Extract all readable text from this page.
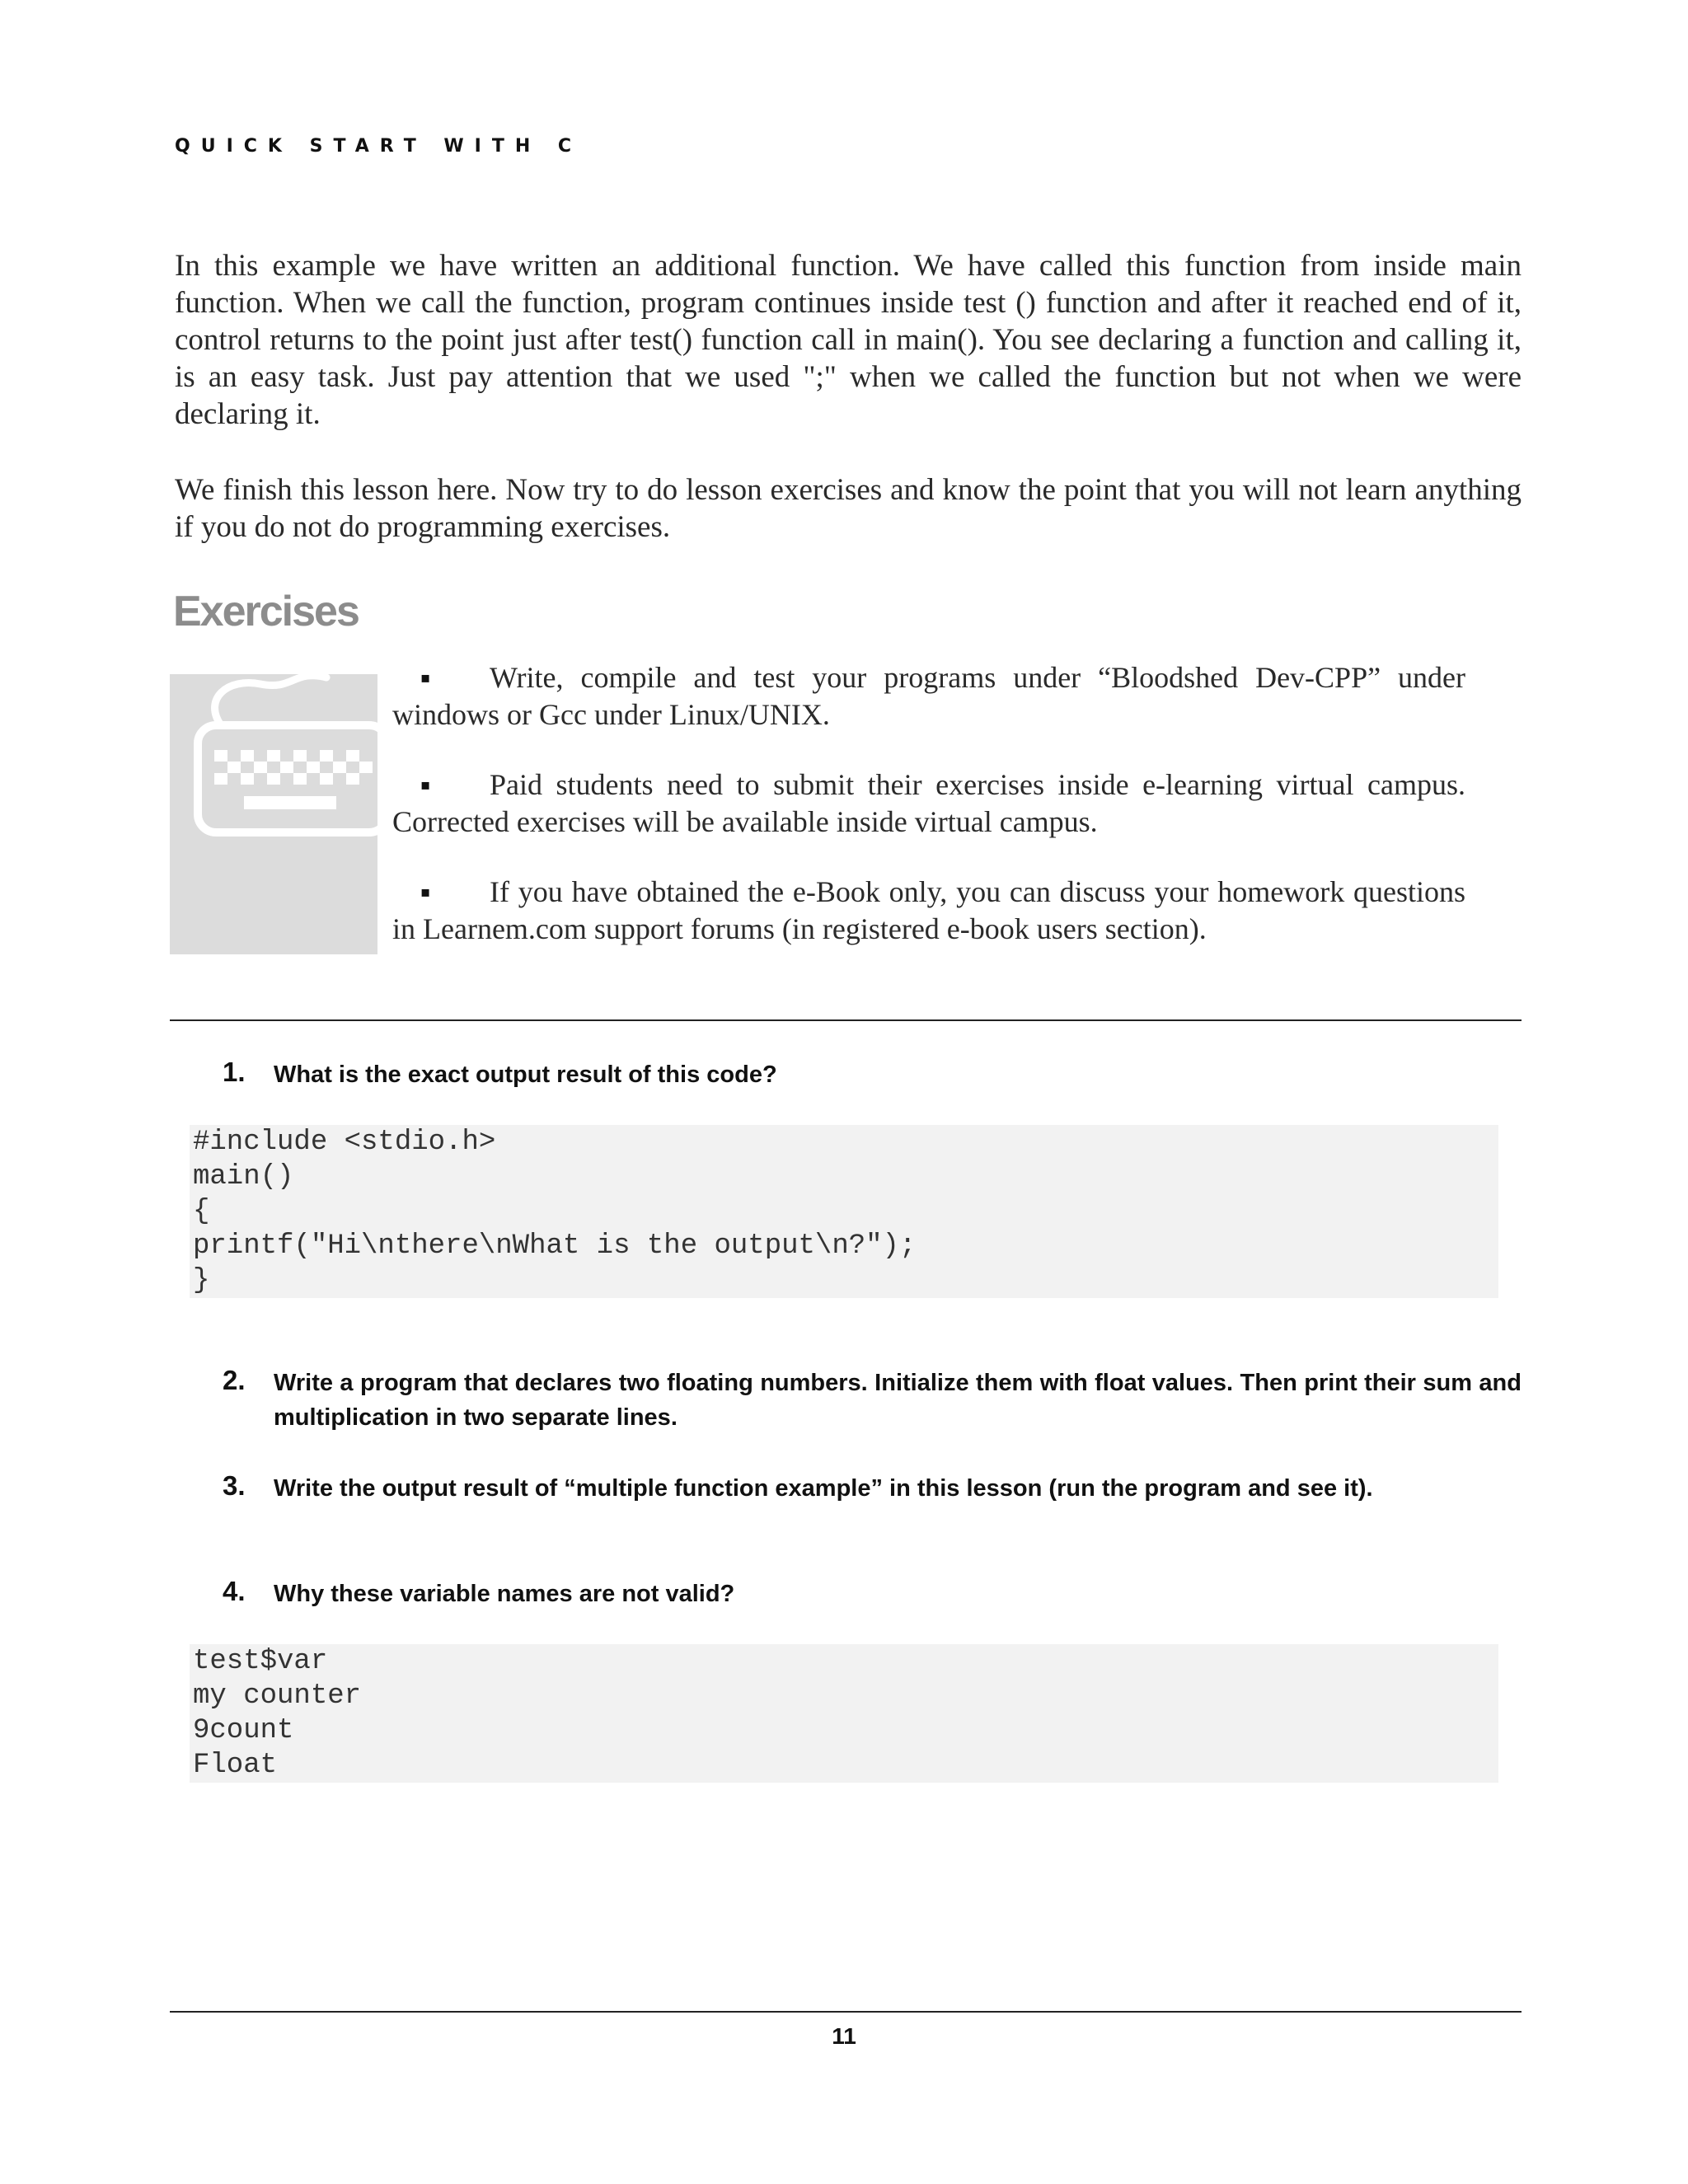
QUICK START WITH C

In this example we have written an additional function. We have called this function from inside main function. When we call the function, program continues inside test () function and after it reached end of it, control returns to the point just after test() function call in main(). You see declaring a function and calling it, is an easy task. Just pay attention that we used ";" when we called the function but not when we were declaring it.

We finish this lesson here. Now try to do lesson exercises and know the point that you will not learn anything if you do not do programming exercises.

Exercises
▪ Write, compile and test your programs under “Bloodshed Dev-CPP” under windows or Gcc under Linux/UNIX.
▪ Paid students need to submit their exercises inside e-learning virtual campus. Corrected exercises will be available inside virtual campus.
▪ If you have obtained the e-Book only, you can discuss your homework questions in Learnem.com support forums (in registered e-book users section).
1. What is the exact output result of this code?
#include <stdio.h>
main()
{
printf("Hi\nthere\nWhat is the output\n?");
}
2. Write a program that declares two floating numbers. Initialize them with float values. Then print their sum and multiplication in two separate lines.
3. Write the output result of “multiple function example” in this lesson (run the program and see it).
4. Why these variable names are not valid?
test$var
my counter
9count
Float
11
